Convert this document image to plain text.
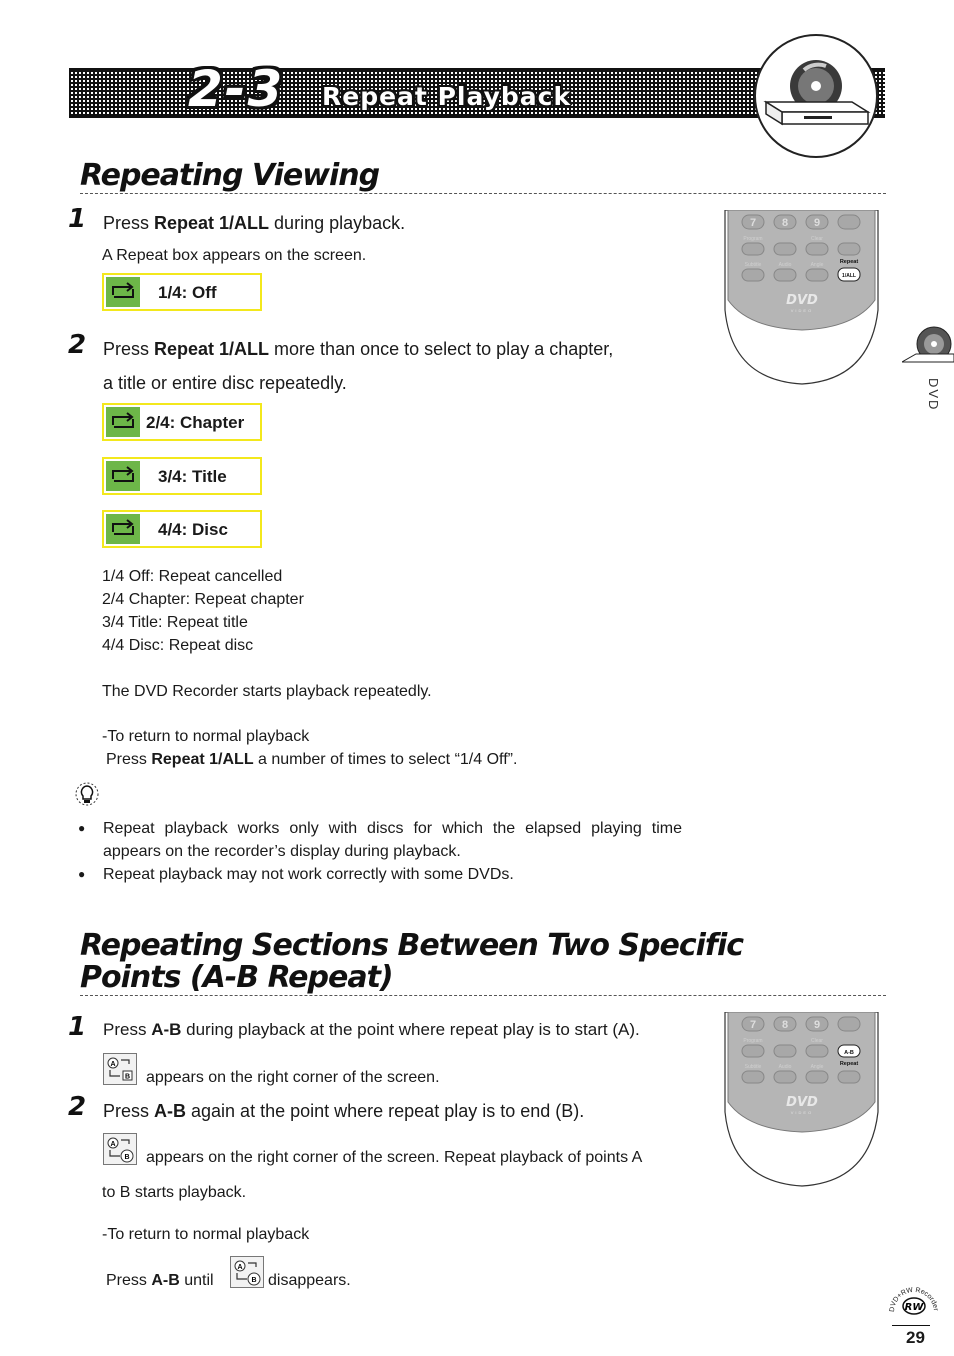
2-3 Repeat Playback
Repeating Viewing
1 Press Repeat 1/ALL during playback.
A Repeat box appears on the screen.
1/4: Off
2 Press Repeat 1/ALL more than once to select to play a chapter,
a title or entire disc repeatedly.
2/4: Chapter
3/4: Title
4/4: Disc
1/4 Off: Repeat cancelled
2/4 Chapter: Repeat chapter
3/4 Title: Repeat title
4/4 Disc: Repeat disc
The DVD Recorder starts playback repeatedly.
-To return to normal playback
Press Repeat 1/ALL a number of times to select “1/4 Off”.
● Repeat playback works only with discs for which the elapsed playing time appears on the recorder’s display during playback.
● Repeat playback may not work correctly with some DVDs.
7 8 9
Program	Clear
Subtitle	Audio	Angle	Repeat
1/ALL
DVD
VIDEO
Repeating Sections Between Two Specific
Points (A-B Repeat)
1 Press A-B during playback at the point where repeat play is to start (A).
A
B appears on the right corner of the screen.
2 Press A-B again at the point where repeat play is to end (B).
A
B appears on the right corner of the screen. Repeat playback of points A
to B starts playback.
-To return to normal playback
Press A-B until
A
B disappears.
7 8 9
Program	Clear
Subtitle	Audio	Angle
A-B
Repeat
DVD
VIDEO
DVD
DVD+RW Recorder
RW
29
